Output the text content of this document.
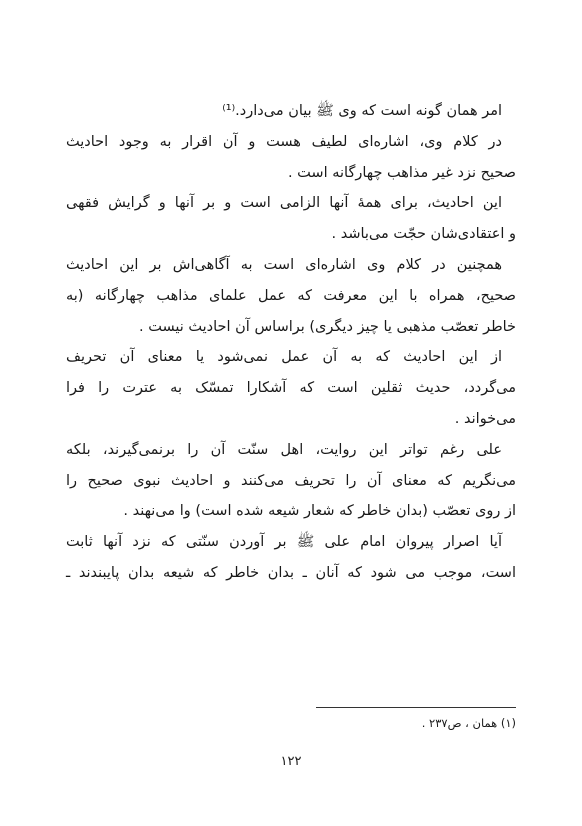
امر همان گونه است که وی ﷺ بیان می‌دارد.⁽¹⁾
در کلام وی، اشاره‌ای لطیف هست و آن اقرار به وجود احادیث
صحیح نزد غیر مذاهب چهارگانه است .
این احادیث، برای همهٔ آنها الزامی است و بر آنها و گرایش فقهی
و اعتقادی‌شان حجّت می‌باشد .
همچنین در کلام وی اشاره‌ای است به آگاهی‌اش بر این احادیث
صحیح، همراه با این معرفت که عمل علمای مذاهب چهارگانه (به
خاطر تعصّب مذهبی یا چیز دیگری) براساس آن احادیث نیست .
از این احادیث که به آن عمل نمی‌شود یا معنای آن تحریف
می‌گردد، حدیث ثقلین است که آشکارا تمسّک به عترت را فرا
می‌خواند .
علی رغم تواتر این روایت، اهل سنّت آن را برنمی‌گیرند، بلکه
می‌نگریم که معنای آن را تحریف می‌کنند و احادیث نبوی صحیح را
از روی تعصّب (بدان خاطر که شعار شیعه شده است) وا می‌نهند .
آیا اصرار پیروان امام علی ﷺ بر آوردن سنّتی که نزد آنها ثابت
است، موجب می شود که آنان ـ بدان خاطر که شیعه بدان پایبندند ـ
(۱) همان ، ص۲۳۷ .
۱۲۲
